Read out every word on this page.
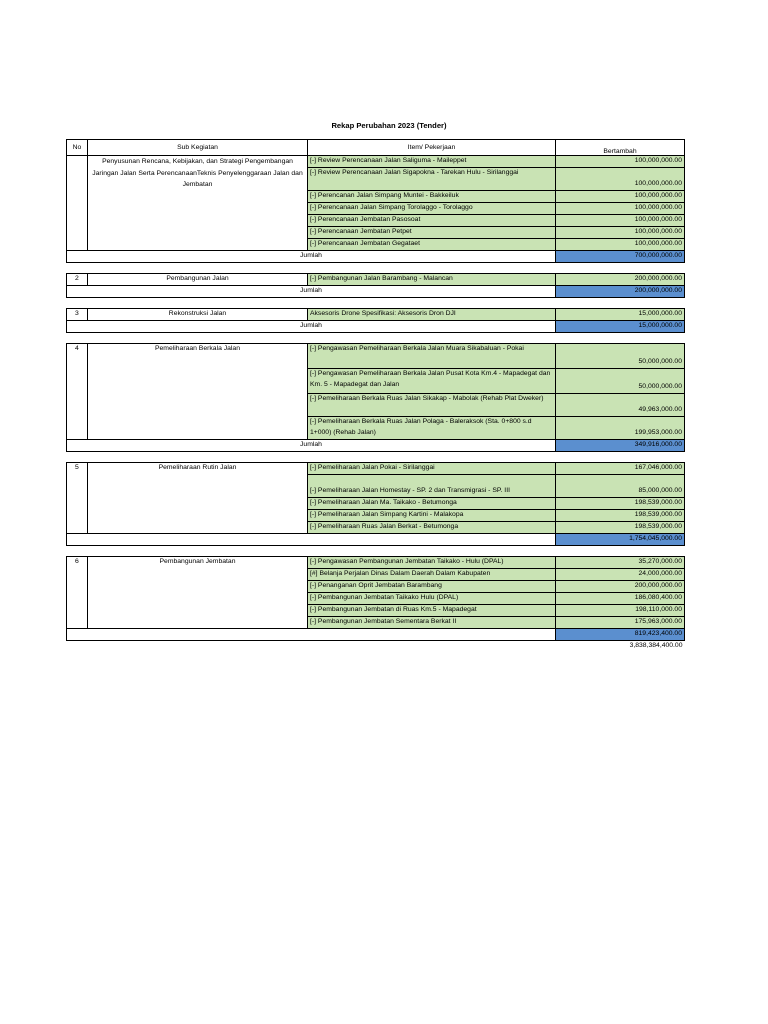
Rekap Perubahan 2023 (Tender)
No	Sub Kegiatan	Item/ Pekerjaan	Bertambah
	Penyusunan Rencana, Kebijakan, dan Strategi Pengembangan Jaringan Jalan Serta PerencanaanTeknis Penyelenggaraan Jalan dan Jembatan	[-] Review Perencanaan Jalan Saliguma - Maileppet	100,000,000.00
		[-] Review Perencanaan Jalan Sigapokna - Tarekan Hulu - Sirilanggai	100,000,000.00
		[-] Perencanan Jalan Simpang Muntei - Bakkeiluk	100,000,000.00
		[-] Perencanaan Jalan Simpang Torolaggo - Torolaggo	100,000,000.00
		[-] Perencanaan Jembatan Pasosoat	100,000,000.00
		[-] Perencanaan Jembatan Petpet	100,000,000.00
		[-] Perencanaan Jembatan Gegataet	100,000,000.00
Jumlah			700,000,000.00

2	Pembangunan Jalan	[-] Pembangunan Jalan Barambang - Malancan	200,000,000.00
Jumlah			200,000,000.00

3	Rekonstruksi Jalan	Aksesoris Drone Spesifikasi: Aksesoris Dron DJI	15,000,000.00
Jumlah			15,000,000.00

4	Pemeliharaan Berkala Jalan	[-] Pengawasan Pemeliharaan Berkala Jalan Muara Sikabaluan - Pokai	50,000,000.00
		[-] Pengawasan Pemeliharaan Berkala Jalan Pusat Kota Km.4 - Mapadegat dan Km. 5 - Mapadegat dan Jalan	50,000,000.00
		[-] Pemeliharaan Berkala Ruas Jalan Sikakap - Mabolak (Rehab Plat Dweker)	49,963,000.00
		[-] Pemeliharaan Berkala Ruas Jalan Polaga - Baleraksok (Sta. 0+800 s.d 1+000) (Rehab Jalan)	199,953,000.00
Jumlah			349,916,000.00

5	Pemeliharaan Rutin Jalan	[-] Pemeliharaan Jalan Pokai - Sirilanggai	167,046,000.00
		[-] Pemeliharaan Jalan Homestay - SP. 2 dan Transmigrasi - SP. III	85,000,000.00
		[-] Pemeliharaan Jalan Ma. Taikako - Betumonga	198,539,000.00
		[-] Pemeliharaan Jalan Simpang Kartini - Malakopa	198,539,000.00
		[-] Pemeliharaan Ruas Jalan Berkat - Betumonga	198,539,000.00
			1,754,045,000.00

6	Pembangunan Jembatan	[-] Pengawasan Pembangunan Jembatan Taikako - Hulu (DPAL)	35,270,000.00
		[#] Belanja Perjalan Dinas Dalam Daerah Dalam Kabupaten	24,000,000.00
		[-] Penanganan Oprit Jembatan Barambang	200,000,000.00
		[-] Pembangunan Jembatan Taikako Hulu (DPAL)	186,080,400.00
		[-] Pembangunan Jembatan di Ruas Km.5 - Mapadegat	198,110,000.00
		[-] Pembangunan Jembatan Sementara Berkat II	175,963,000.00
			819,423,400.00
			3,838,384,400.00
